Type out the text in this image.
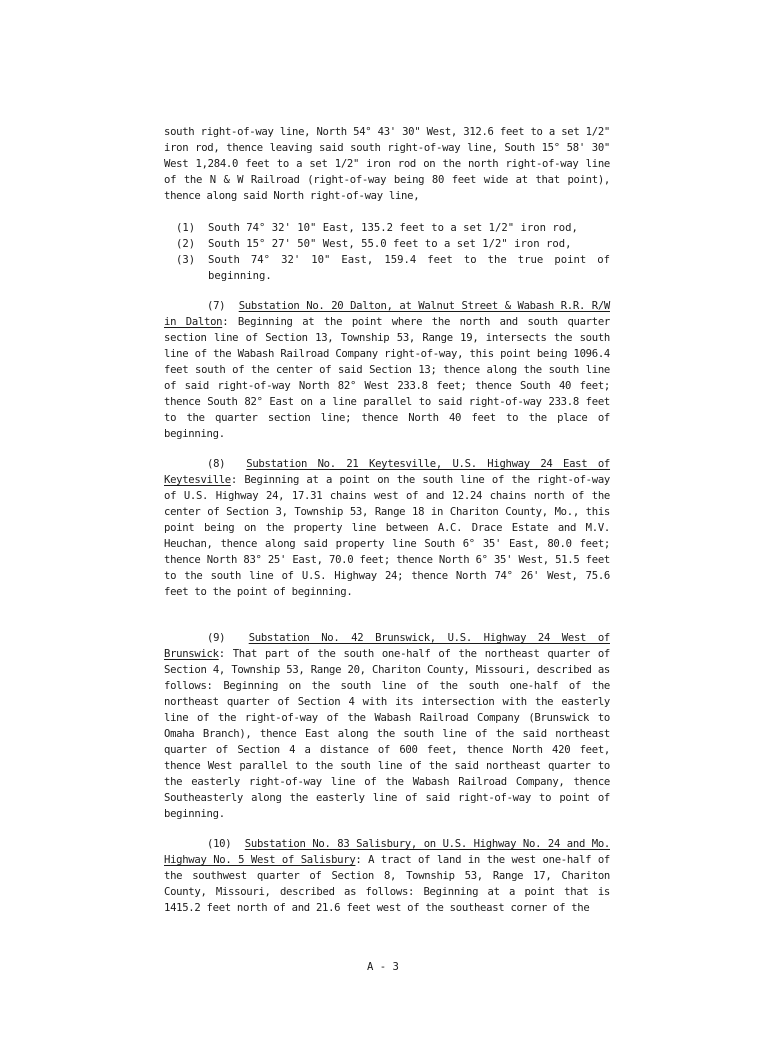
south right-of-way line, North 54° 43' 30" West, 312.6 feet to a set 1/2" iron rod, thence leaving said south right-of-way line, South 15° 58' 30" West 1,284.0 feet to a set 1/2" iron rod on the north right-of-way line of the N & W Railroad (right-of-way being 80 feet wide at that point), thence along said North right-of-way line,

(1)	South 74° 32' 10" East, 135.2 feet to a set 1/2" iron rod,
(2)	South 15° 27' 50" West, 55.0 feet to a set 1/2" iron rod,
(3)	South 74° 32' 10" East, 159.4 feet to the true point of beginning.

(7) Substation No. 20 Dalton, at Walnut Street & Wabash R.R. R/W in Dalton: Beginning at the point where the north and south quarter section line of Section 13, Township 53, Range 19, intersects the south line of the Wabash Railroad Company right-of-way, this point being 1096.4 feet south of the center of said Section 13; thence along the south line of said right-of-way North 82° West 233.8 feet; thence South 40 feet; thence South 82° East on a line parallel to said right-of-way 233.8 feet to the quarter section line; thence North 40 feet to the place of beginning.

(8) Substation No. 21 Keytesville, U.S. Highway 24 East of Keytesville: Beginning at a point on the south line of the right-of-way of U.S. Highway 24, 17.31 chains west of and 12.24 chains north of the center of Section 3, Township 53, Range 18 in Chariton County, Mo., this point being on the property line between A.C. Drace Estate and M.V. Heuchan, thence along said property line South 6° 35' East, 80.0 feet; thence North 83° 25' East, 70.0 feet; thence North 6° 35' West, 51.5 feet to the south line of U.S. Highway 24; thence North 74° 26' West, 75.6 feet to the point of beginning.

(9) Substation No. 42 Brunswick, U.S. Highway 24 West of Brunswick: That part of the south one-half of the northeast quarter of Section 4, Township 53, Range 20, Chariton County, Missouri, described as follows: Beginning on the south line of the south one-half of the northeast quarter of Section 4 with its intersection with the easterly line of the right-of-way of the Wabash Railroad Company (Brunswick to Omaha Branch), thence East along the south line of the said northeast quarter of Section 4 a distance of 600 feet, thence North 420 feet, thence West parallel to the south line of the said northeast quarter to the easterly right-of-way line of the Wabash Railroad Company, thence Southeasterly along the easterly line of said right-of-way to point of beginning.

(10) Substation No. 83 Salisbury, on U.S. Highway No. 24 and Mo. Highway No. 5 West of Salisbury: A tract of land in the west one-half of the southwest quarter of Section 8, Township 53, Range 17, Chariton County, Missouri, described as follows: Beginning at a point that is 1415.2 feet north of and 21.6 feet west of the southeast corner of the

A - 3
